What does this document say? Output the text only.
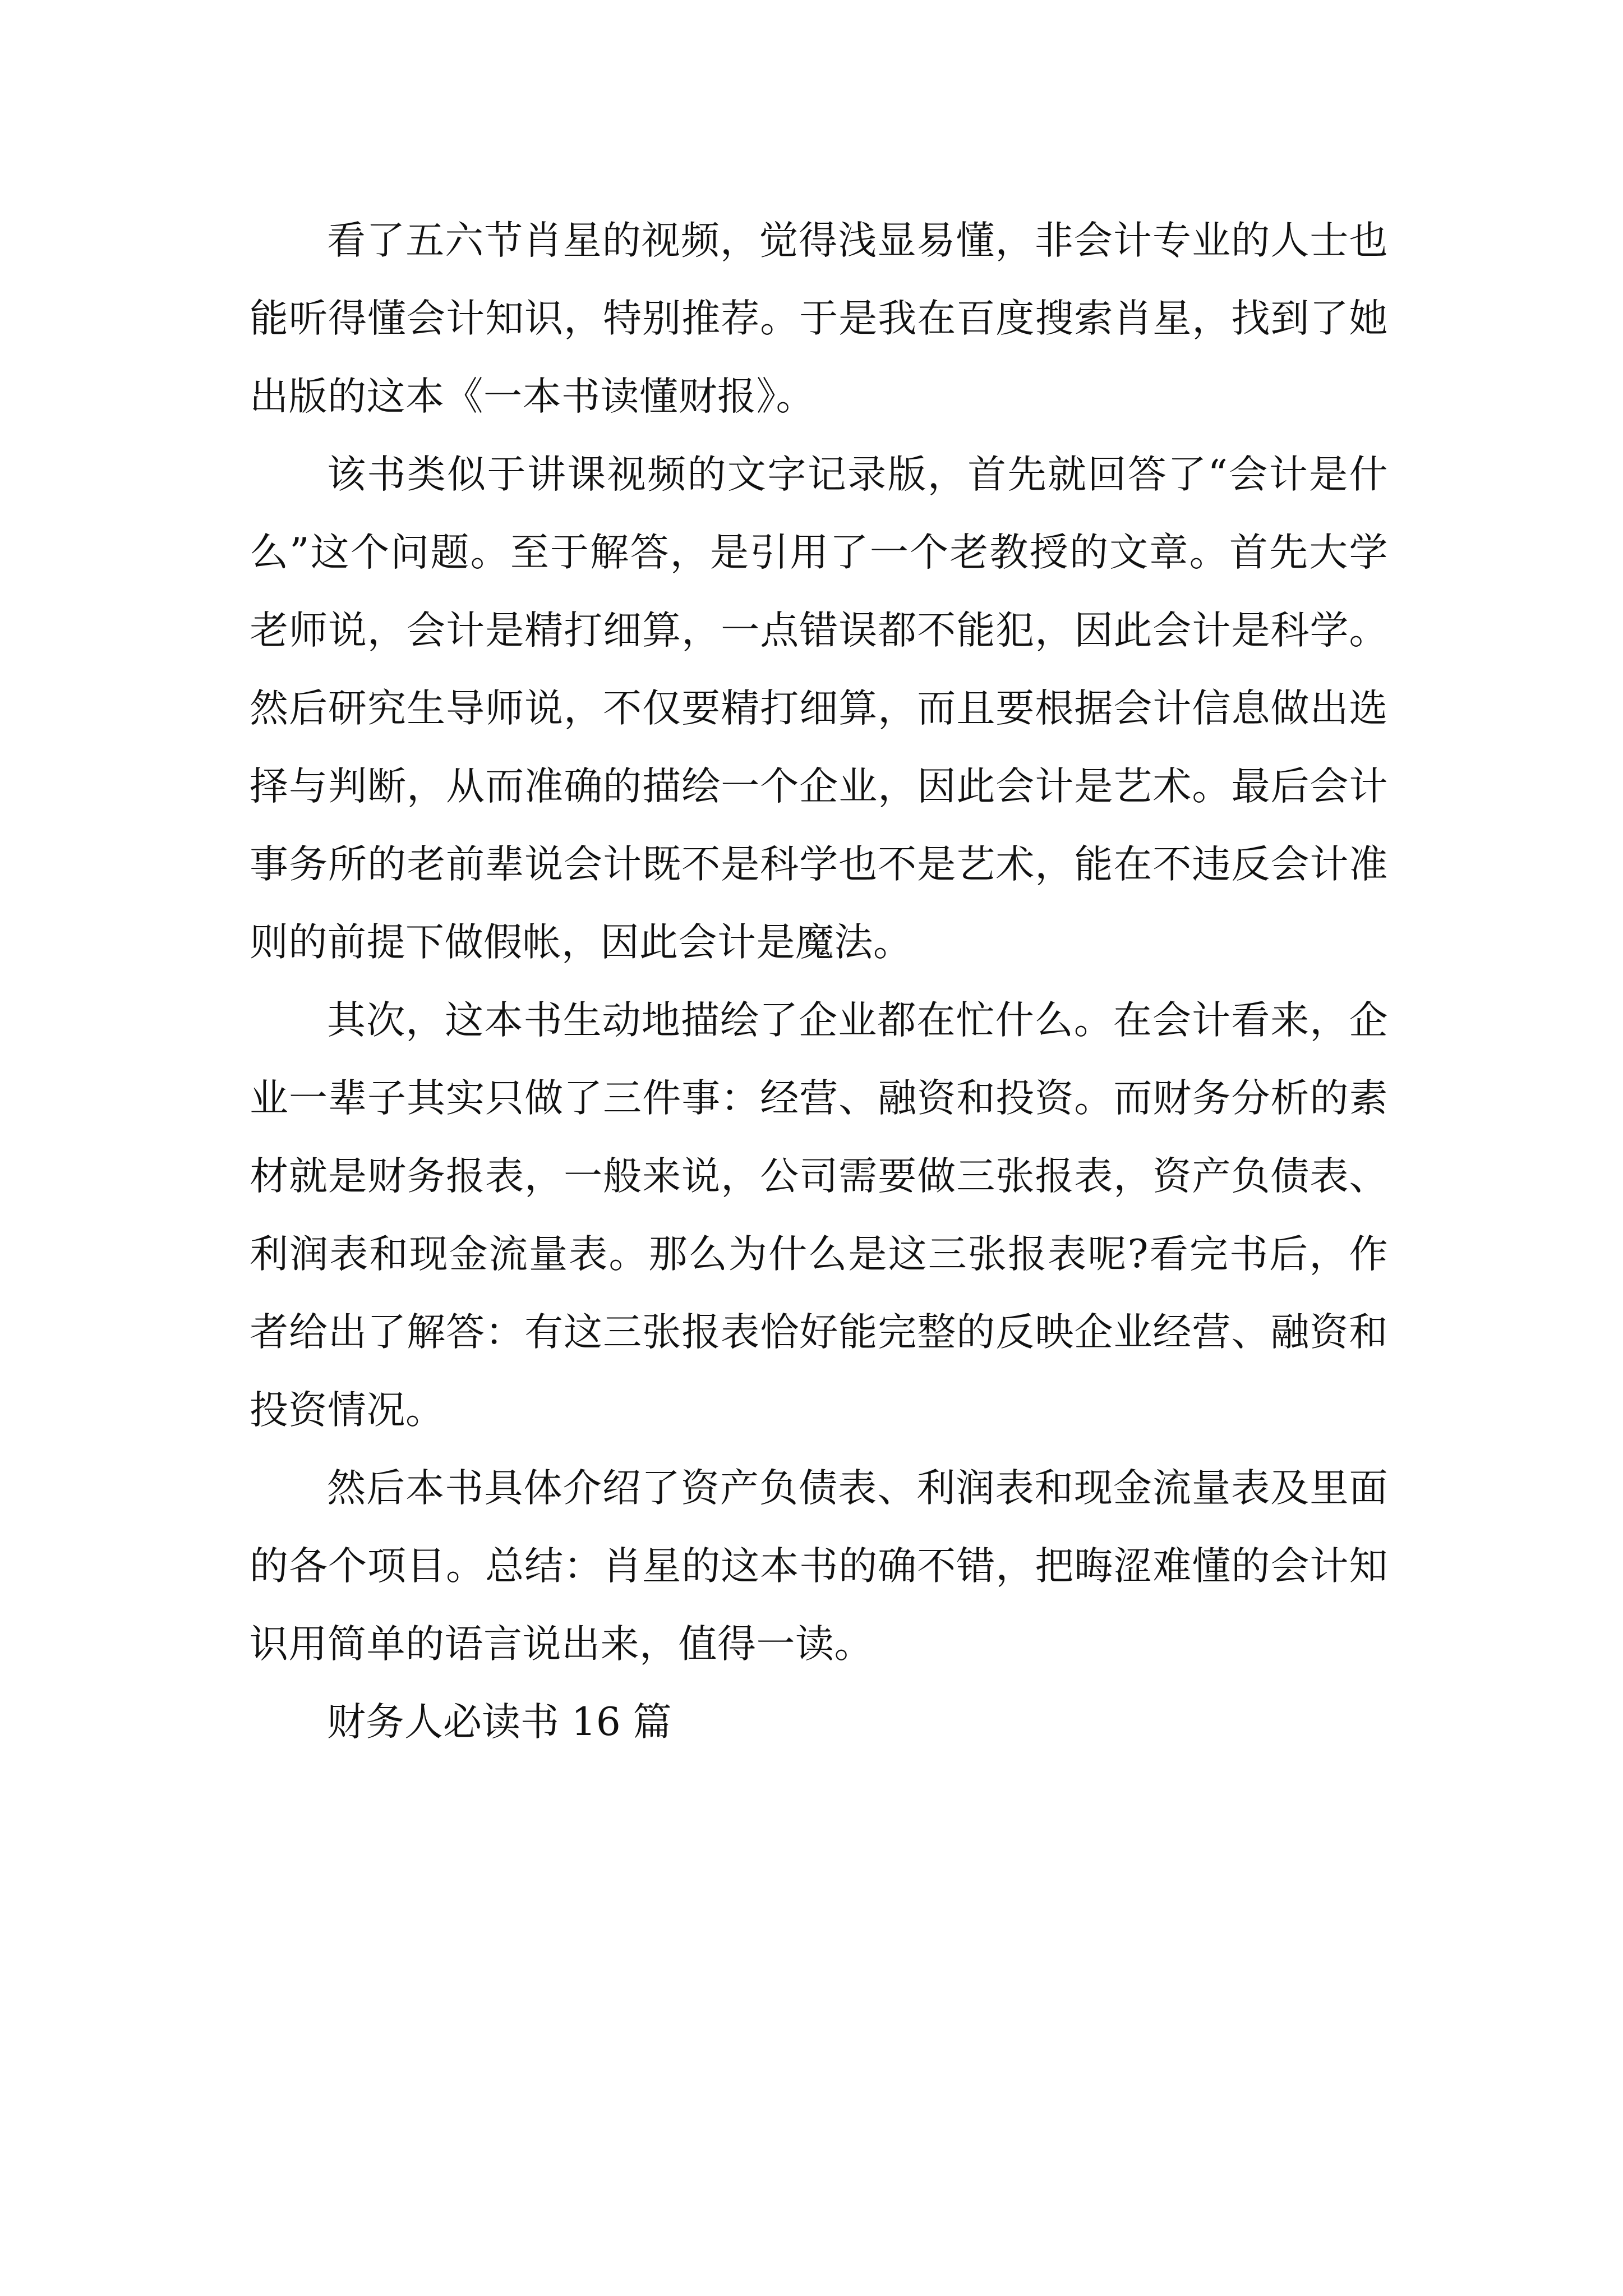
看了五六节肖星的视频，觉得浅显易懂，非会计专业的人士也能听得懂会计知识，特别推荐。于是我在百度搜索肖星，找到了她出版的这本《一本书读懂财报》。

该书类似于讲课视频的文字记录版，首先就回答了“会计是什么”这个问题。至于解答，是引用了一个老教授的文章。首先大学老师说，会计是精打细算，一点错误都不能犯，因此会计是科学。然后研究生导师说，不仅要精打细算，而且要根据会计信息做出选择与判断，从而准确的描绘一个企业，因此会计是艺术。最后会计事务所的老前辈说会计既不是科学也不是艺术，能在不违反会计准则的前提下做假帐，因此会计是魔法。

其次，这本书生动地描绘了企业都在忙什么。在会计看来，企业一辈子其实只做了三件事：经营、融资和投资。而财务分析的素材就是财务报表，一般来说，公司需要做三张报表，资产负债表、利润表和现金流量表。那么为什么是这三张报表呢?看完书后，作者给出了解答：有这三张报表恰好能完整的反映企业经营、融资和投资情况。

然后本书具体介绍了资产负债表、利润表和现金流量表及里面的各个项目。总结：肖星的这本书的确不错，把晦涩难懂的会计知识用简单的语言说出来，值得一读。

财务人必读书 16 篇
